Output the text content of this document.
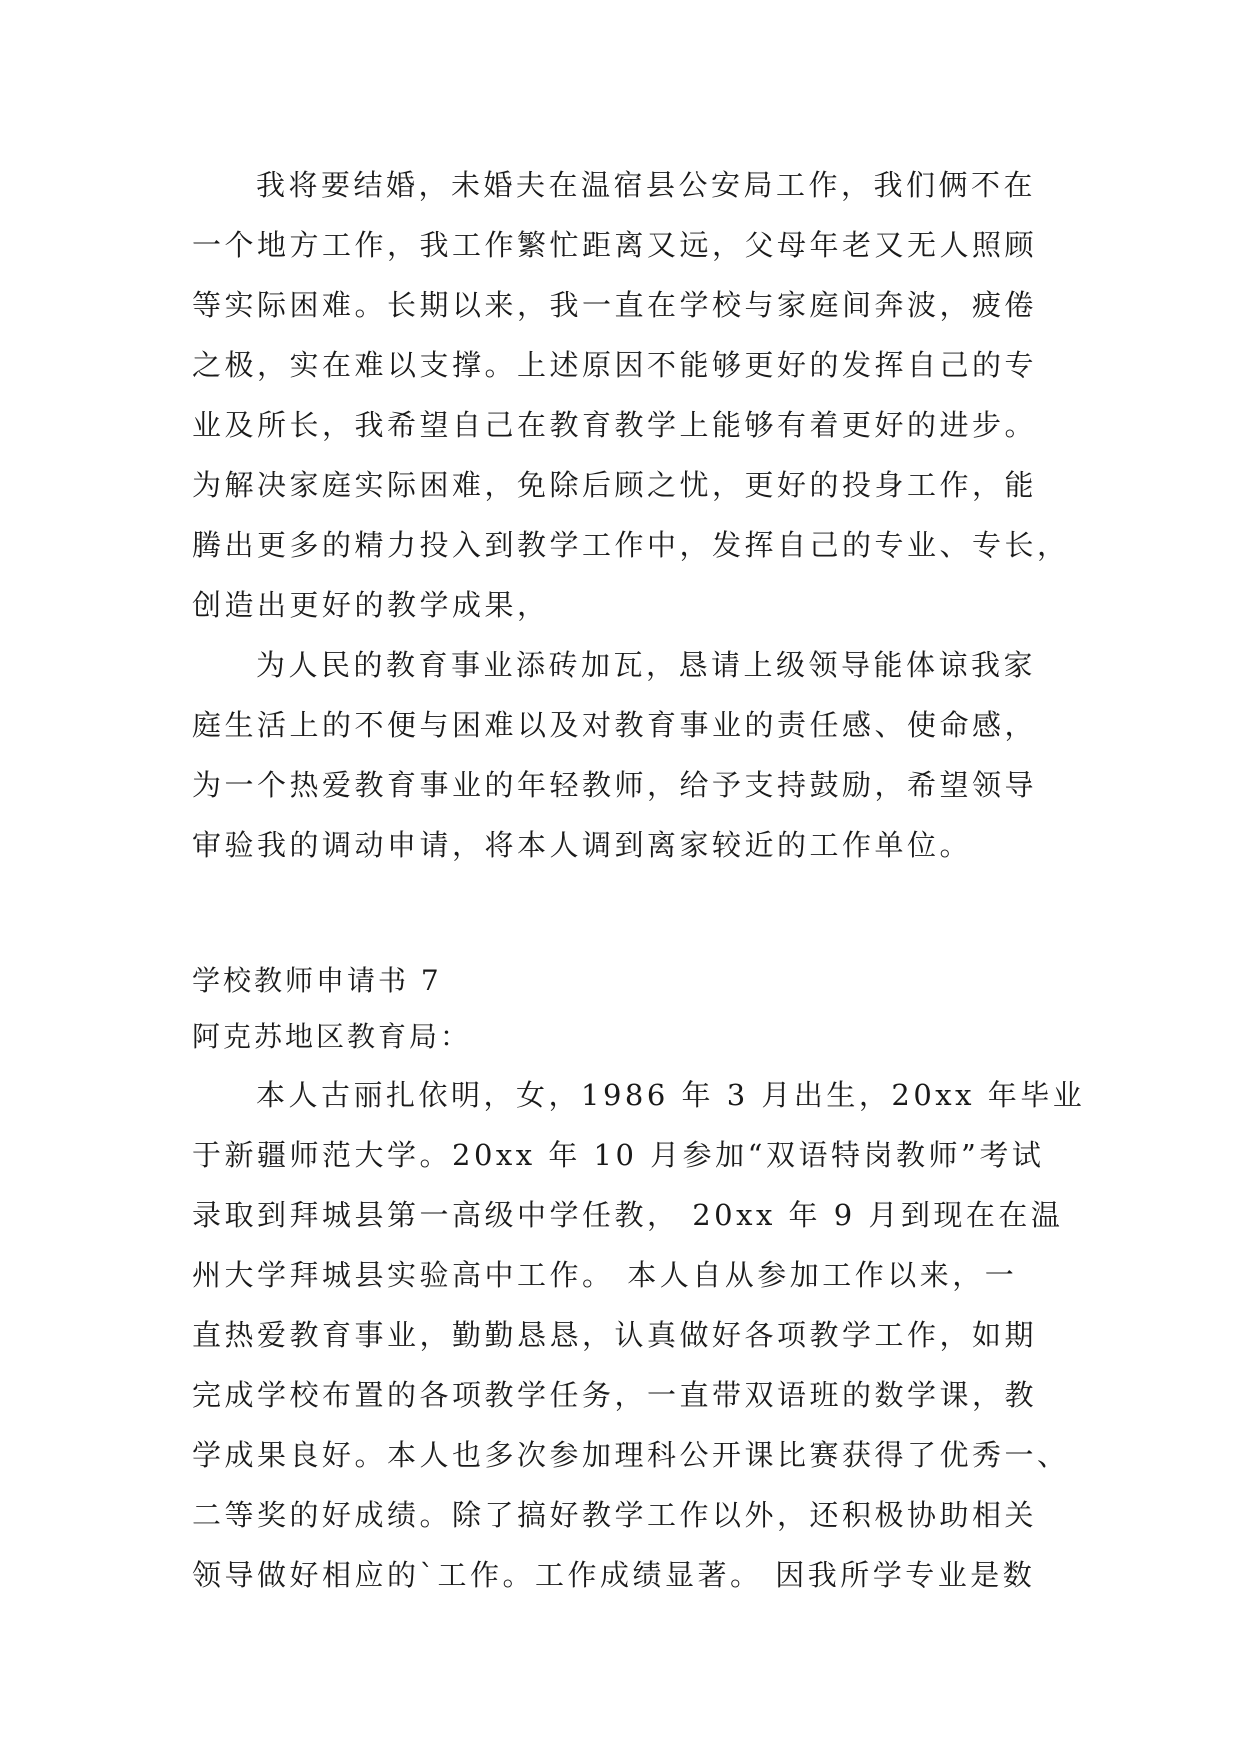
我将要结婚，未婚夫在温宿县公安局工作，我们俩不在
一个地方工作，我工作繁忙距离又远，父母年老又无人照顾
等实际困难。长期以来，我一直在学校与家庭间奔波，疲倦
之极，实在难以支撑。上述原因不能够更好的发挥自己的专
业及所长，我希望自己在教育教学上能够有着更好的进步。
为解决家庭实际困难，免除后顾之忧，更好的投身工作，能
腾出更多的精力投入到教学工作中，发挥自己的专业、专长，
创造出更好的教学成果，
为人民的教育事业添砖加瓦，恳请上级领导能体谅我家
庭生活上的不便与困难以及对教育事业的责任感、使命感，
为一个热爱教育事业的年轻教师，给予支持鼓励，希望领导
审验我的调动申请，将本人调到离家较近的工作单位。
学校教师申请书 7
阿克苏地区教育局：
本人古丽扎依明，女，1986 年 3 月出生，20xx 年毕业
于新疆师范大学。20xx 年 10 月参加“双语特岗教师”考试
录取到拜城县第一高级中学任教， 20xx 年 9 月到现在在温
州大学拜城县实验高中工作。 本人自从参加工作以来，一
直热爱教育事业，勤勤恳恳，认真做好各项教学工作，如期
完成学校布置的各项教学任务，一直带双语班的数学课，教
学成果良好。本人也多次参加理科公开课比赛获得了优秀一、
二等奖的好成绩。除了搞好教学工作以外，还积极协助相关
领导做好相应的`工作。工作成绩显著。 因我所学专业是数
